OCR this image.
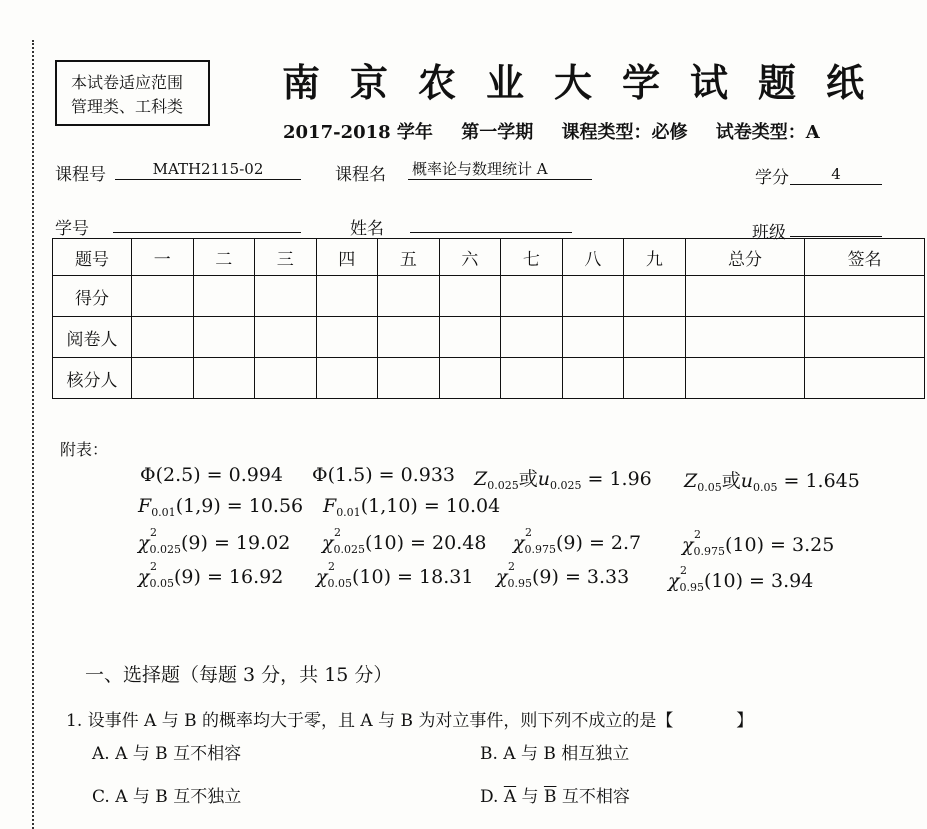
本试卷适应范围
管理类、工科类
南京农业大学试题纸
2017-2018 学年 第一学期 课程类型：必修 试卷类型：A
课程号	MATH2115-02	课程名 概率论与数理统计 A	学分	4
学号	姓名	班级
题号	一	二	三	四	五	六	七	八	九	总分	签名
得分											
阅卷人											
核分人											
附表：
Φ(2.5) = 0.994 Φ(1.5) = 0.933 $Z_{0.025}$或$u_{0.025} = 1.96$ $Z_{0.05}$或$u_{0.05} = 1.645$
$F_{0.01}(1,9) = 10.56$ $F_{0.01}(1,10) = 10.04$
χ 2
$_{0.025}$(9) = 19.02 χ 2
$_{0.025}$(10) = 20.48 χ 2
$_{0.975}$(9) = 2.7 χ 2
$_{0.975}$(10) = 3.25
χ 2
$_{0.05}$(9) = 16.92 χ 2
$_{0.05}$(10) = 18.31 χ 2
$_{0.95}$(9) = 3.33 χ 2
$_{0.95}$(10) = 3.94
一、选择题（每题 3 分，共 15 分）
1. 设事件 A 与 B 的概率均大于零，且 A 与 B 为对立事件，则下列不成立的是【	】
A. A 与 B 互不相容	B. A 与 B 相互独立
C. A 与 B 互不独立	D. $\overline{A}$ 与 $\overline{B}$ 互不相容
